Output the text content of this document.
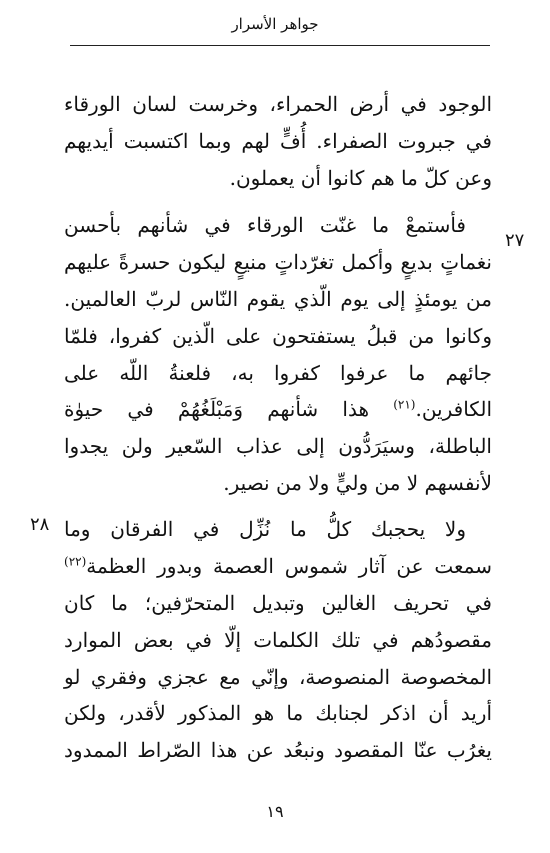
جواهر الأسرار
الوجود في أرض الحمراء، وخرست لسان الورقاء
في جبروت الصفراء. أُفٍّ لهم وبما اكتسبت أيديهم
وعن كلّ ما هم كانوا أن يعملون.
٢٧
فأستمعْ ما غنّت الورقاء في شأنهم بأحسن
نغماتٍ بديعٍ وأكمل تغرّداتٍ منيعٍ ليكون حسرةً عليهم
من يومئذٍ إلى يوم الّذي يقوم النّاس لربّ العالمين.
وكانوا من قبلُ يستفتحون على الّذين كفروا، فلمّا
جائهم ما عرفوا كفروا به، فلعنةُ اللّه على
الكافرين.$^{(٢١)}$ هذا شأنهم وَمَبْلَغُهُمْ في حيوٰة
الباطلة، وسيَرَدُّون إلى عذاب السّعير ولن يجدوا
لأنفسهم لا من وليٍّ ولا من نصير.
٢٨ ولا يحجبك كلُّ ما نُزِّل في الفرقان وما
سمعت عن آثار شموس العصمة وبدور العظمة$^{(٢٢)}$
في تحريف الغالين وتبديل المتحرّفين؛ ما كان
مقصودُهم في تلك الكلمات إلّا في بعض الموارد
المخصوصة المنصوصة، وإنّي مع عجزي وفقري لو
أريد أن اذكر لجنابك ما هو المذكور لأقدر، ولكن
يغرُب عنّا المقصود ونبعُد عن هذا الصّراط الممدود
١٩
